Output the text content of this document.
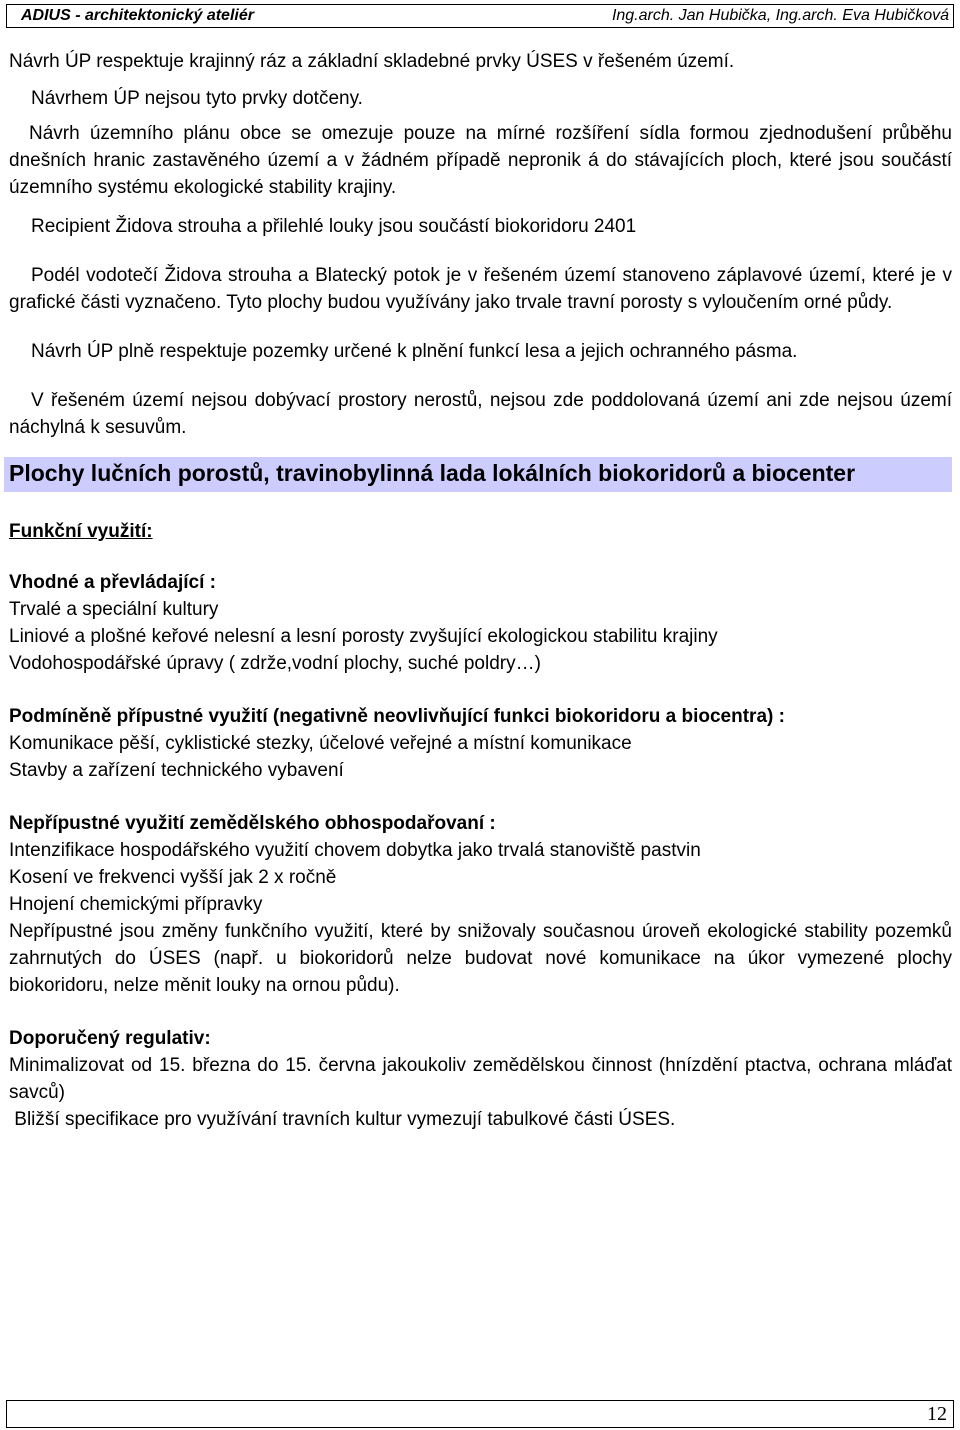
ADIUS - architektonický ateliér	Ing.arch. Jan Hubička, Ing.arch. Eva Hubičková

Návrh ÚP respektuje krajinný ráz a základní skladebné prvky ÚSES v řešeném území.

Návrhem ÚP nejsou tyto prvky dotčeny.

Návrh územního plánu obce se omezuje pouze na mírné rozšíření sídla formou zjednodušení průběhu dnešních hranic zastavěného území a v žádném případě nepronik á do stávajících ploch, které jsou součástí územního systému ekologické stability krajiny.

Recipient Židova strouha a přilehlé louky jsou součástí biokoridoru 2401

Podél vodotečí Židova strouha a Blatecký potok je v řešeném území stanoveno záplavové území, které je v grafické části vyznačeno. Tyto plochy budou využívány jako trvale travní porosty s vyloučením orné půdy.

Návrh ÚP plně respektuje pozemky určené k plnění funkcí lesa a jejich ochranného pásma.

V řešeném území nejsou dobývací prostory nerostů, nejsou zde poddolovaná území ani zde nejsou území náchylná k sesuvům.

Plochy lučních porostů, travinobylinná lada lokálních biokoridorů a biocenter

Funkční využití:

Vhodné a převládající :

Trvalé a speciální kultury

Liniové a plošné keřové nelesní a lesní porosty zvyšující ekologickou stabilitu krajiny

Vodohospodářské úpravy ( zdrže,vodní plochy, suché poldry…)

Podmíněně přípustné využití (negativně neovlivňující funkci biokoridoru a biocentra) :

Komunikace pěší, cyklistické stezky, účelové veřejné a místní komunikace

Stavby a zařízení technického vybavení

Nepřípustné využití zemědělského obhospodařovaní :

Intenzifikace hospodářského využití chovem dobytka jako trvalá stanoviště pastvin

Kosení ve frekvenci vyšší jak 2 x ročně

Hnojení chemickými přípravky

Nepřípustné jsou změny funkčního využití, které by snižovaly současnou úroveň ekologické stability pozemků zahrnutých do ÚSES (např. u biokoridorů nelze budovat nové komunikace na úkor vymezené plochy biokoridoru, nelze měnit louky na ornou půdu).

Doporučený regulativ:

Minimalizovat od 15. března do 15. června jakoukoliv zemědělskou činnost (hnízdění ptactva, ochrana mláďat savců)

Bližší specifikace pro využívání travních kultur vymezují tabulkové části ÚSES.

12
